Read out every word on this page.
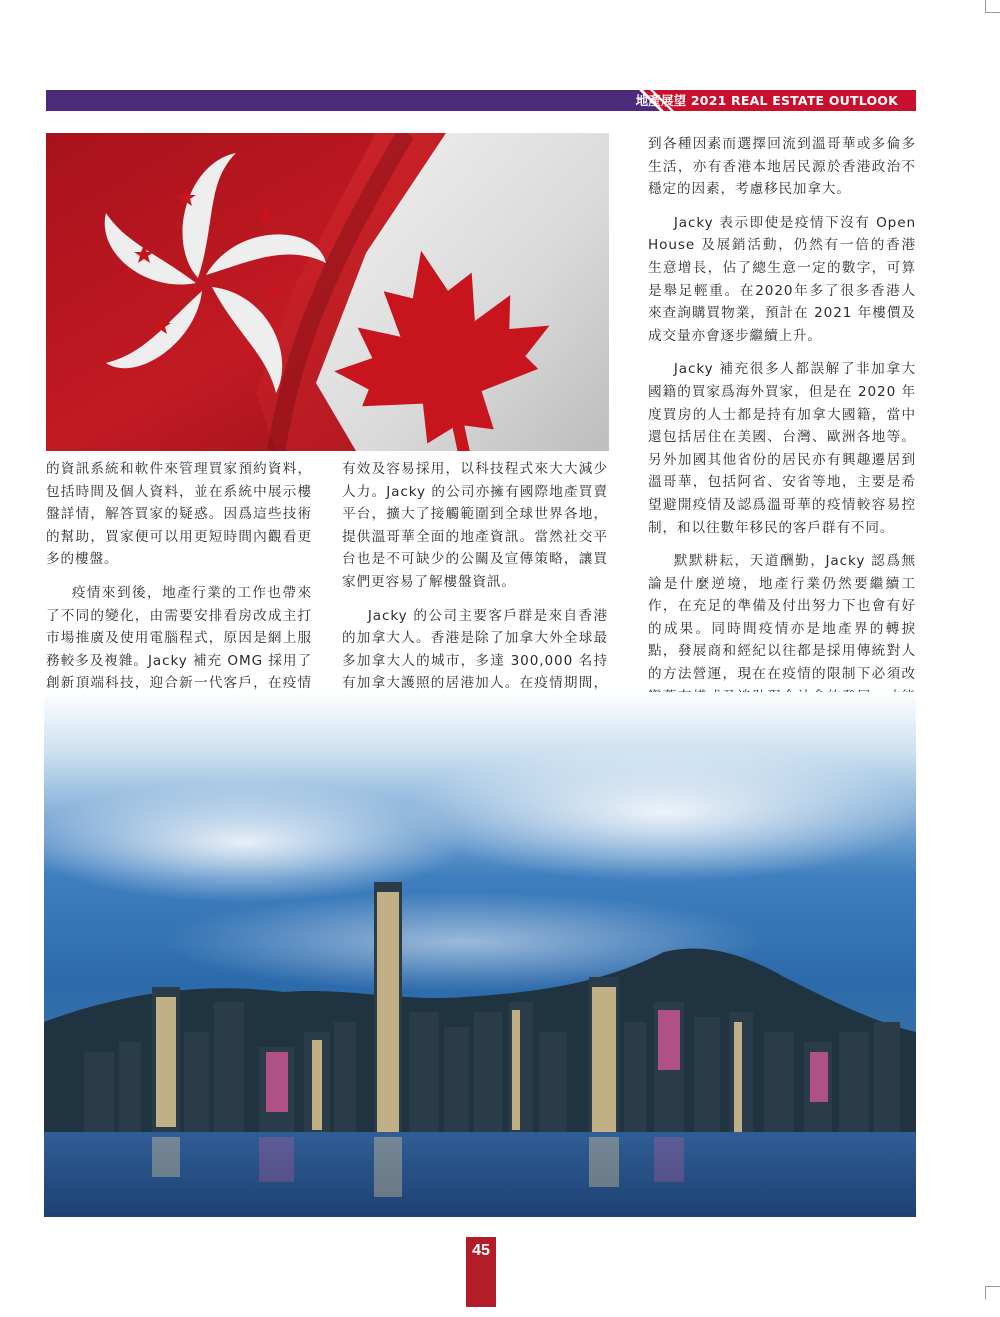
地產展望 2021 REAL ESTATE OUTLOOK

的資訊系統和軟件來管理買家預約資料，包括時間及個人資料，並在系統中展示樓盤詳情，解答買家的疑惑。因爲這些技術的幫助，買家便可以用更短時間內觀看更多的樓盤。

疫情來到後，地產行業的工作也帶來了不同的變化，由需要安排看房改成主打市場推廣及使用電腦程式，原因是網上服務較多及複雜。Jacky 補充 OMG 採用了創新頂端科技，迎合新一代客戶，在疫情

有效及容易採用，以科技程式來大大減少人力。Jacky 的公司亦擁有國際地產買賣平台，擴大了接觸範圍到全球世界各地，提供溫哥華全面的地產資訊。當然社交平台也是不可缺少的公關及宣傳策略，讓買家們更容易了解樓盤資訊。

Jacky 的公司主要客戶群是來自香港的加拿大人。香港是除了加拿大外全球最多加拿大人的城市，多達 300,000 名持有加拿大護照的居港加人。在疫情期間，

到各種因素而選擇回流到溫哥華或多倫多生活，亦有香港本地居民源於香港政治不穩定的因素，考慮移民加拿大。

Jacky 表示即使是疫情下沒有 Open House 及展銷活動，仍然有一倍的香港生意增長，佔了總生意一定的數字，可算是舉足輕重。在2020年多了很多香港人來查詢購買物業，預計在 2021 年樓價及成交量亦會逐步繼續上升。

Jacky 補充很多人都誤解了非加拿大國籍的買家爲海外買家，但是在 2020 年度買房的人士都是持有加拿大國籍，當中還包括居住在美國、台灣、歐洲各地等。另外加國其他省份的居民亦有興趣遷居到溫哥華，包括阿省、安省等地，主要是希望避開疫情及認爲溫哥華的疫情較容易控制，和以往數年移民的客戶群有不同。

默默耕耘，天道酬勤，Jacky 認爲無論是什麼逆境，地產行業仍然要繼續工作，在充足的準備及付出努力下也會有好的成果。同時間疫情亦是地產界的轉捩點，發展商和經紀以往都是採用傳統對人的方法營運，現在在疫情的限制下必須改

45
